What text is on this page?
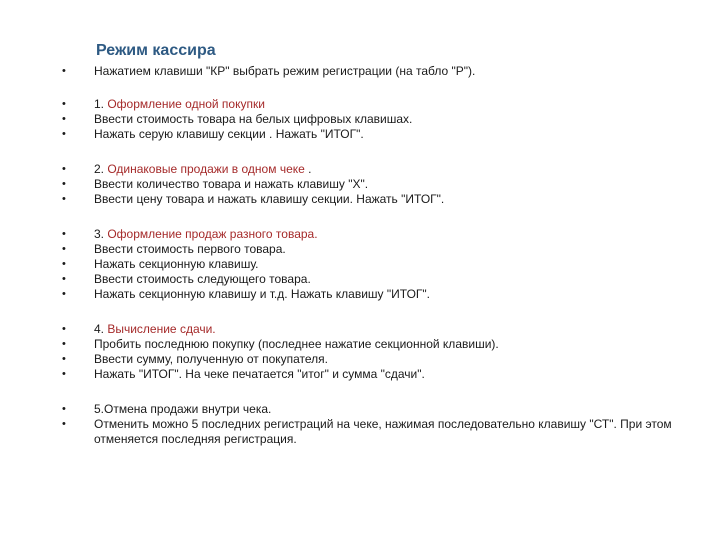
Режим кассира
•	Нажатием клавиши "КР" выбрать режим регистрации (на табло "Р").
•	1. Оформление одной покупки
•	Ввести стоимость товара на белых цифровых клавишах.
•	Нажать серую клавишу секции . Нажать "ИТОГ".
•	2. Одинаковые продажи в одном чеке .
•	Ввести количество товара и нажать клавишу "Х".
•	Ввести цену товара и нажать клавишу секции. Нажать "ИТОГ".
•	3. Оформление продаж разного товара.
•	Ввести стоимость первого товара.
•	Нажать секционную клавишу.
•	Ввести стоимость следующего товара.
•	Нажать секционную клавишу и т.д. Нажать клавишу "ИТОГ".
•	4. Вычисление сдачи.
•	Пробить последнюю покупку (последнее нажатие секционной клавиши).
•	Ввести сумму, полученную от покупателя.
•	Нажать "ИТОГ". На чеке печатается "итог" и сумма "сдачи".
•	5.Отмена продажи внутри чека.
•	Отменить можно 5 последних регистраций на чеке, нажимая последовательно клавишу "СТ". При этом отменяется последняя регистрация.
